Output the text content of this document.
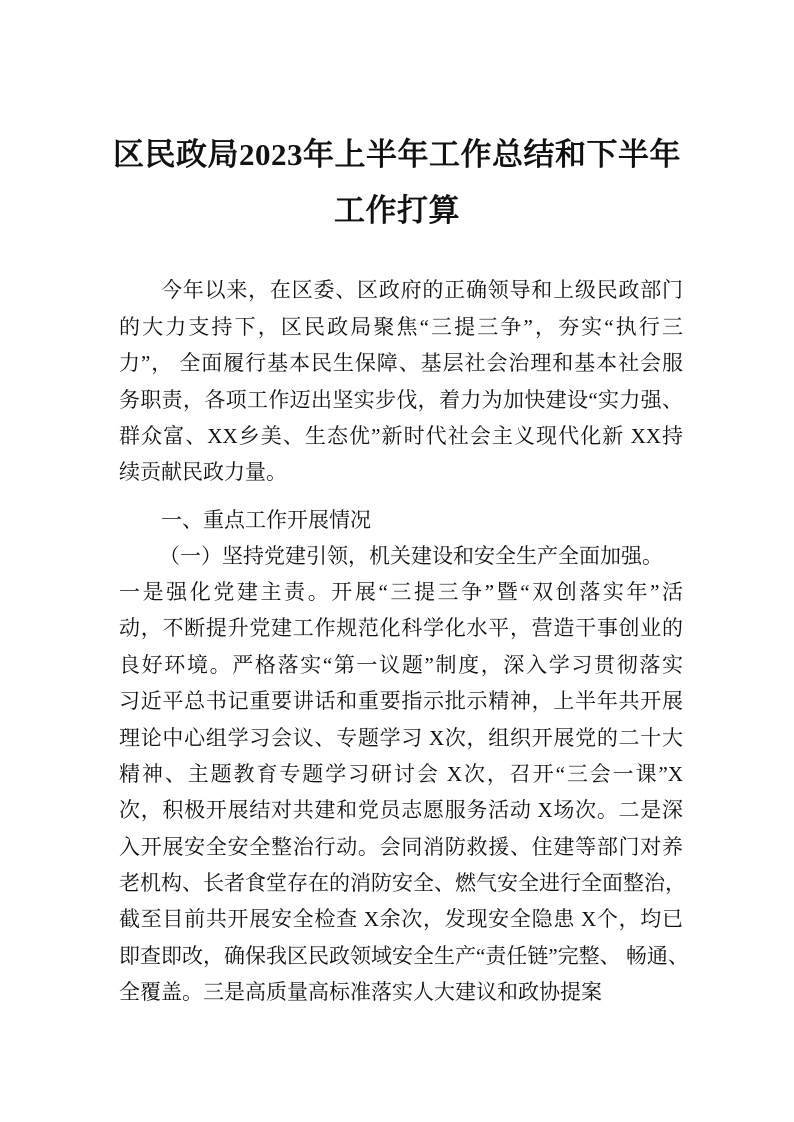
区民政局2023年上半年工作总结和下半年
工作打算
今年以来，在区委、区政府的正确领导和上级民政部门
的大力支持下，区民政局聚焦“三提三争”，夯实“执行三
力”， 全面履行基本民生保障、基层社会治理和基本社会服
务职责，各项工作迈出坚实步伐，着力为加快建设“实力强、
群众富、XX乡美、生态优”新时代社会主义现代化新 XX持
续贡献民政力量。
一、重点工作开展情况
（一）坚持党建引领，机关建设和安全生产全面加强。
一是强化党建主责。开展“三提三争”暨“双创落实年”活
动，不断提升党建工作规范化科学化水平，营造干事创业的
良好环境。严格落实“第一议题”制度，深入学习贯彻落实
习近平总书记重要讲话和重要指示批示精神，上半年共开展
理论中心组学习会议、专题学习 X次，组织开展党的二十大
精神、主题教育专题学习研讨会 X次，召开“三会一课”X
次，积极开展结对共建和党员志愿服务活动 X场次。二是深
入开展安全安全整治行动。会同消防救援、住建等部门对养
老机构、长者食堂存在的消防安全、燃气安全进行全面整治，
截至目前共开展安全检查 X余次，发现安全隐患 X个，均已
即查即改，确保我区民政领域安全生产“责任链”完整、 畅通、
全覆盖。三是高质量高标准落实人大建议和政协提案
